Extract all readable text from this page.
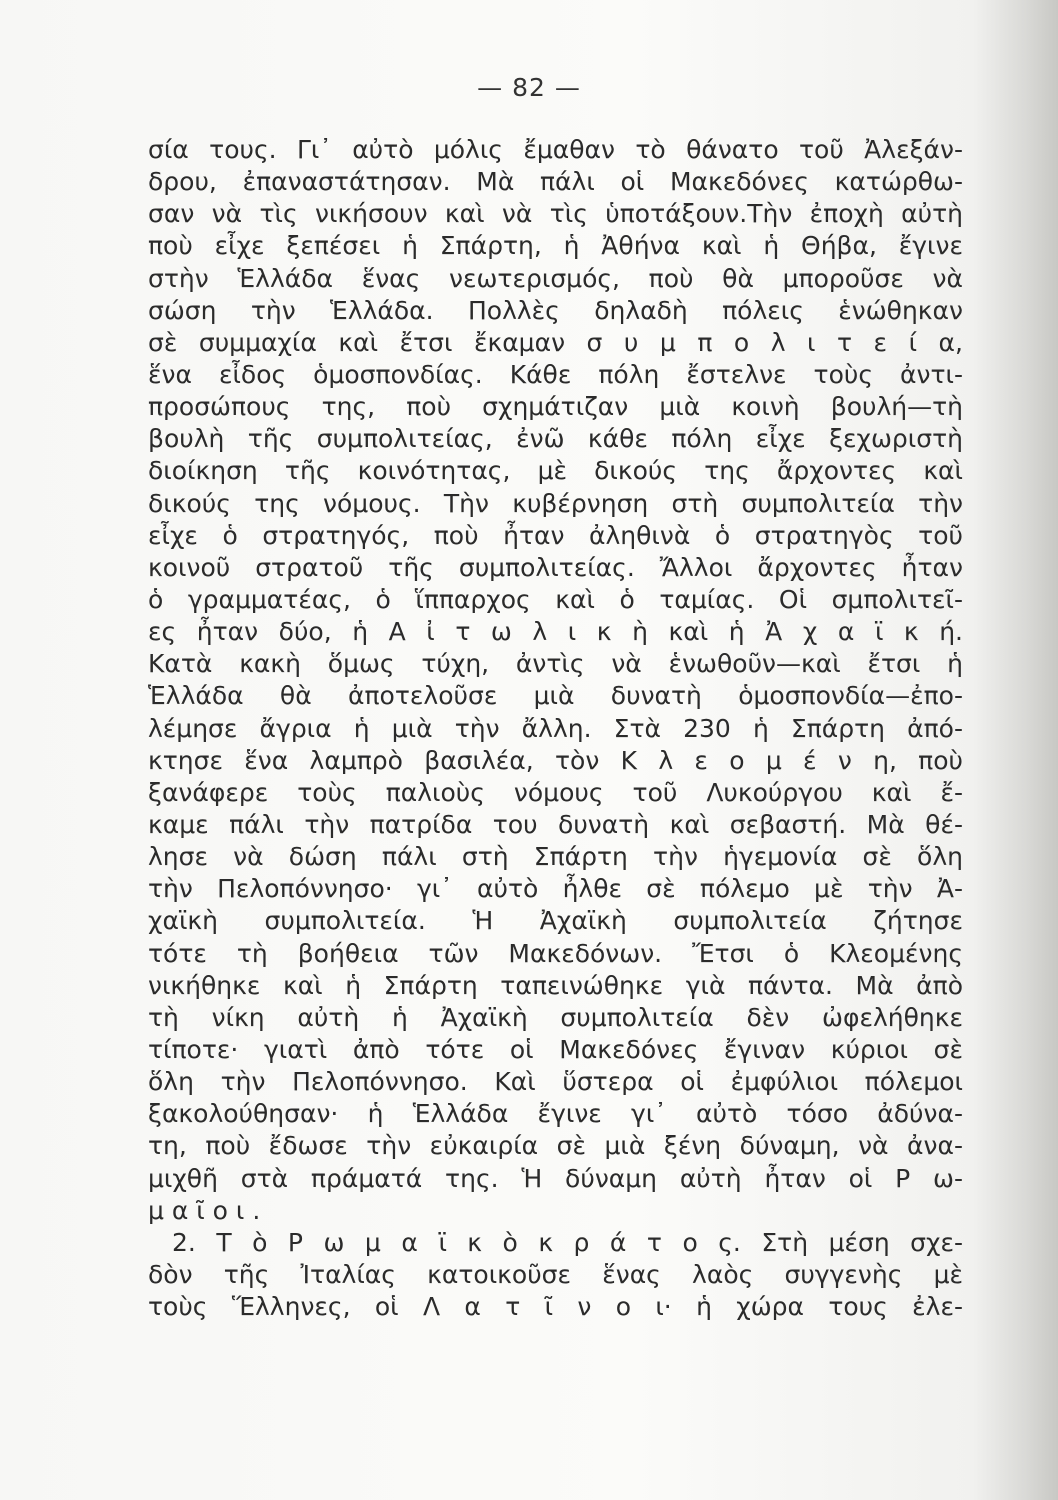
— 82 —
σία τους. Γι᾽ αὐτὸ μόλις ἔμαθαν τὸ θάνατο τοῦ Ἀλεξάν-
δρου, ἐπαναστάτησαν. Μὰ πάλι οἱ Μακεδόνες κατώρθω-
σαν νὰ τὶς νικήσουν καὶ νὰ τὶς ὑποτάξουν.Τὴν ἐποχὴ αὐτὴ
ποὺ εἶχε ξεπέσει ἡ Σπάρτη, ἡ Ἀθήνα καὶ ἡ Θήβα, ἔγινε
στὴν Ἑλλάδα ἕνας νεωτερισμός, ποὺ θὰ μποροῦσε νὰ
σώση τὴν Ἑλλάδα. Πολλὲς δηλαδὴ πόλεις ἑνώθηκαν
σὲ συμμαχία καὶ ἔτσι ἔκαμαν σ υ μ π ο λ ι τ ε ί α,
ἕνα εἶδος ὁμοσπονδίας. Κάθε πόλη ἔστελνε τοὺς ἀντι-
προσώπους της, ποὺ σχημάτιζαν μιὰ κοινὴ βουλή—τὴ
βουλὴ τῆς συμπολιτείας, ἐνῶ κάθε πόλη εἶχε ξεχωριστὴ
διοίκηση τῆς κοινότητας, μὲ δικούς της ἄρχοντες καὶ
δικούς της νόμους. Τὴν κυβέρνηση στὴ συμπολιτεία τὴν
εἶχε ὁ στρατηγός, ποὺ ἦταν ἀληθινὰ ὁ στρατηγὸς τοῦ
κοινοῦ στρατοῦ τῆς συμπολιτείας. Ἄλλοι ἄρχοντες ἦταν
ὁ γραμματέας, ὁ ἵππαρχος καὶ ὁ ταμίας. Οἱ σμπολιτεῖ-
ες ἦταν δύο, ἡ Α ἰ τ ω λ ι κ ὴ καὶ ἡ Ἀ χ α ϊ κ ή.
Κατὰ κακὴ ὅμως τύχη, ἀντὶς νὰ ἑνωθοῦν—καὶ ἔτσι ἡ
Ἑλλάδα θὰ ἀποτελοῦσε μιὰ δυνατὴ ὁμοσπονδία—ἐπο-
λέμησε ἄγρια ἡ μιὰ τὴν ἄλλη. Στὰ 230 ἡ Σπάρτη ἀπό-
κτησε ἕνα λαμπρὸ βασιλέα, τὸν Κ λ ε ο μ έ ν η, ποὺ
ξανάφερε τοὺς παλιοὺς νόμους τοῦ Λυκούργου καὶ ἔ-
καμε πάλι τὴν πατρίδα του δυνατὴ καὶ σεβαστή. Μὰ θέ-
λησε νὰ δώση πάλι στὴ Σπάρτη τὴν ἡγεμονία σὲ ὅλη
τὴν Πελοπόννησο· γι᾽ αὐτὸ ἦλθε σὲ πόλεμο μὲ τὴν Ἀ-
χαϊκὴ συμπολιτεία. Ἡ Ἀχαϊκὴ συμπολιτεία ζήτησε
τότε τὴ βοήθεια τῶν Μακεδόνων. Ἔτσι ὁ Κλεομένης
νικήθηκε καὶ ἡ Σπάρτη ταπεινώθηκε γιὰ πάντα. Μὰ ἀπὸ
τὴ νίκη αὐτὴ ἡ Ἀχαϊκὴ συμπολιτεία δὲν ὠφελήθηκε
τίποτε· γιατὶ ἀπὸ τότε οἱ Μακεδόνες ἔγιναν κύριοι σὲ
ὅλη τὴν Πελοπόννησο. Καὶ ὕστερα οἱ ἐμφύλιοι πόλεμοι
ξακολούθησαν· ἡ Ἑλλάδα ἔγινε γι᾽ αὐτὸ τόσο ἀδύνα-
τη, ποὺ ἔδωσε τὴν εὐκαιρία σὲ μιὰ ξένη δύναμη, νὰ ἀνα-
μιχθῆ στὰ πράματά της. Ἡ δύναμη αὐτὴ ἦταν οἱ Ρ ω-
μ α ῖ ο ι .
2. Τ ὸ Ρ ω μ α ϊ κ ὸ κ ρ ά τ ο ς. Στὴ μέση σχε-
δὸν τῆς Ἰταλίας κατοικοῦσε ἕνας λαὸς συγγενὴς μὲ
τοὺς Ἕλληνες, οἱ Λ α τ ῖ ν ο ι· ἡ χώρα τους ἐλε-
